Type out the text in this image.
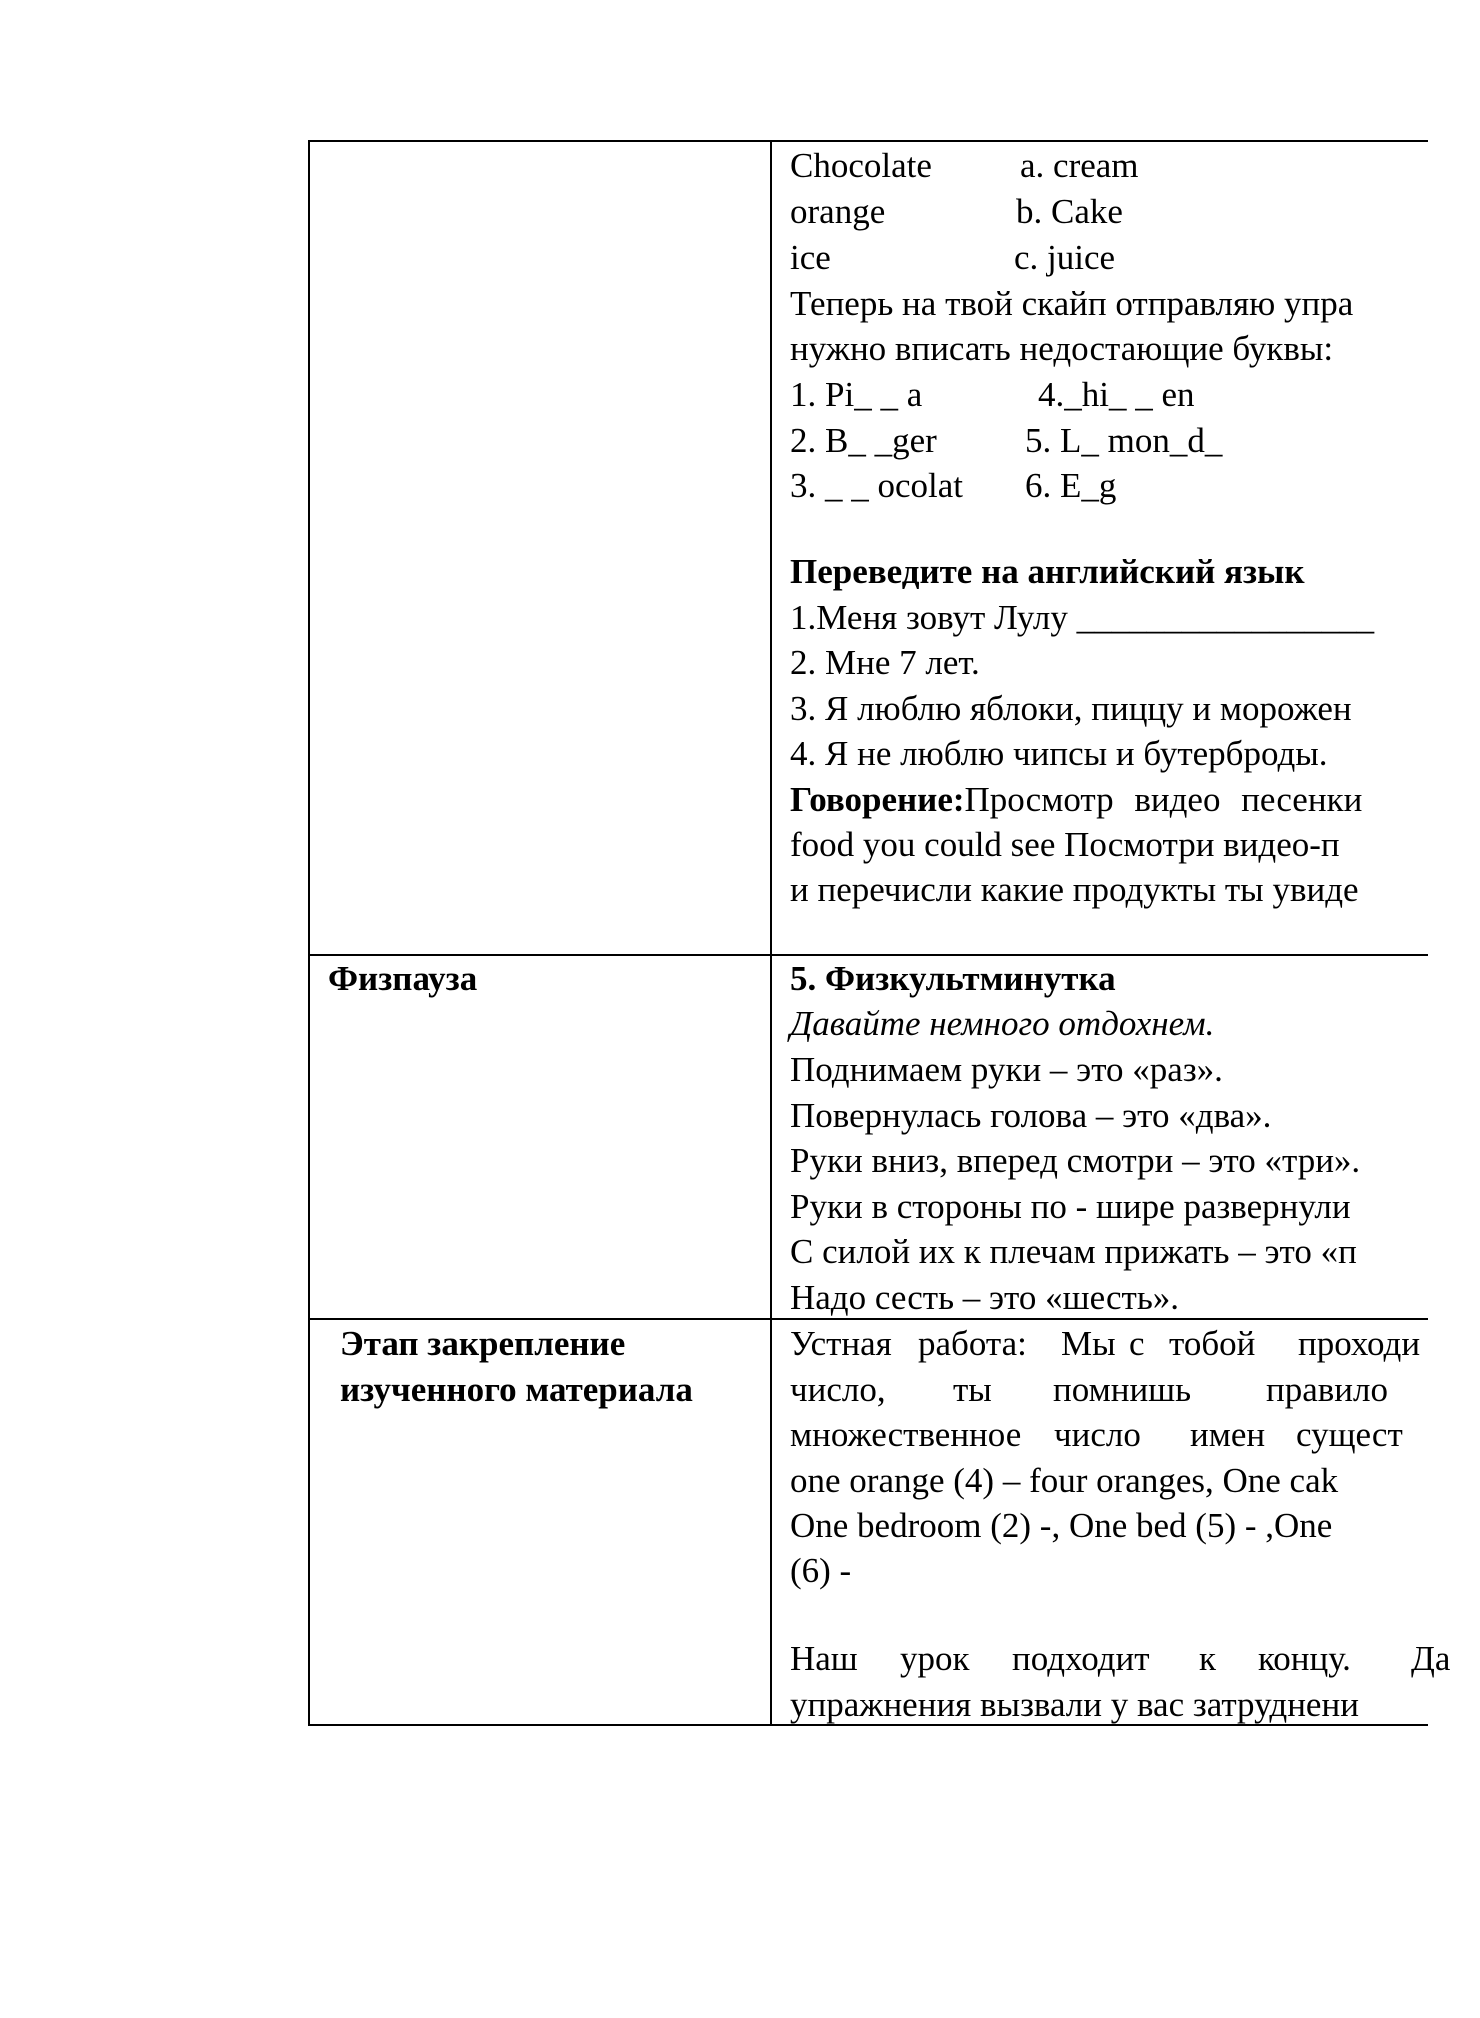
Chocolate	a. cream
orange	b. Cake
ice	c. juice
Теперь на твой скайп отправляю упра
нужно вписать недостающие буквы:
1. Pi_ _ a	4._hi_ _ en
2. B_ _ger	5. L_ mon_d_
3. _ _ ocolat 6. E_g
Переведите на английский язык
1.Меня зовут Лулу _________________
2. Мне 7 лет.
3. Я люблю яблоки, пиццу и морожен
4. Я не люблю чипсы и бутерброды.
Говорение:Просмотр видео песенки
food you could see Посмотри видео-п
и перечисли какие продукты ты увиде
Физпауза	5. Физкультминутка
Давайте немного отдохнем.
Поднимаем руки – это «раз».
Повернулась голова – это «два».
Руки вниз, вперед смотри – это «три».
Руки в стороны по - шире развернули
С силой их к плечам прижать – это «п
Надо сесть – это «шесть».
Этап закрепление
изученного материала
Устная работа: Мы с тобой проходи
число, ты помнишь правило
множественное число имен сущест
one orange (4) – four oranges, One cak
One bedroom (2) -, One bed (5) - ,One
(6) -
Наш урок подходит к концу. Да
упражнения вызвали у вас затруднени
